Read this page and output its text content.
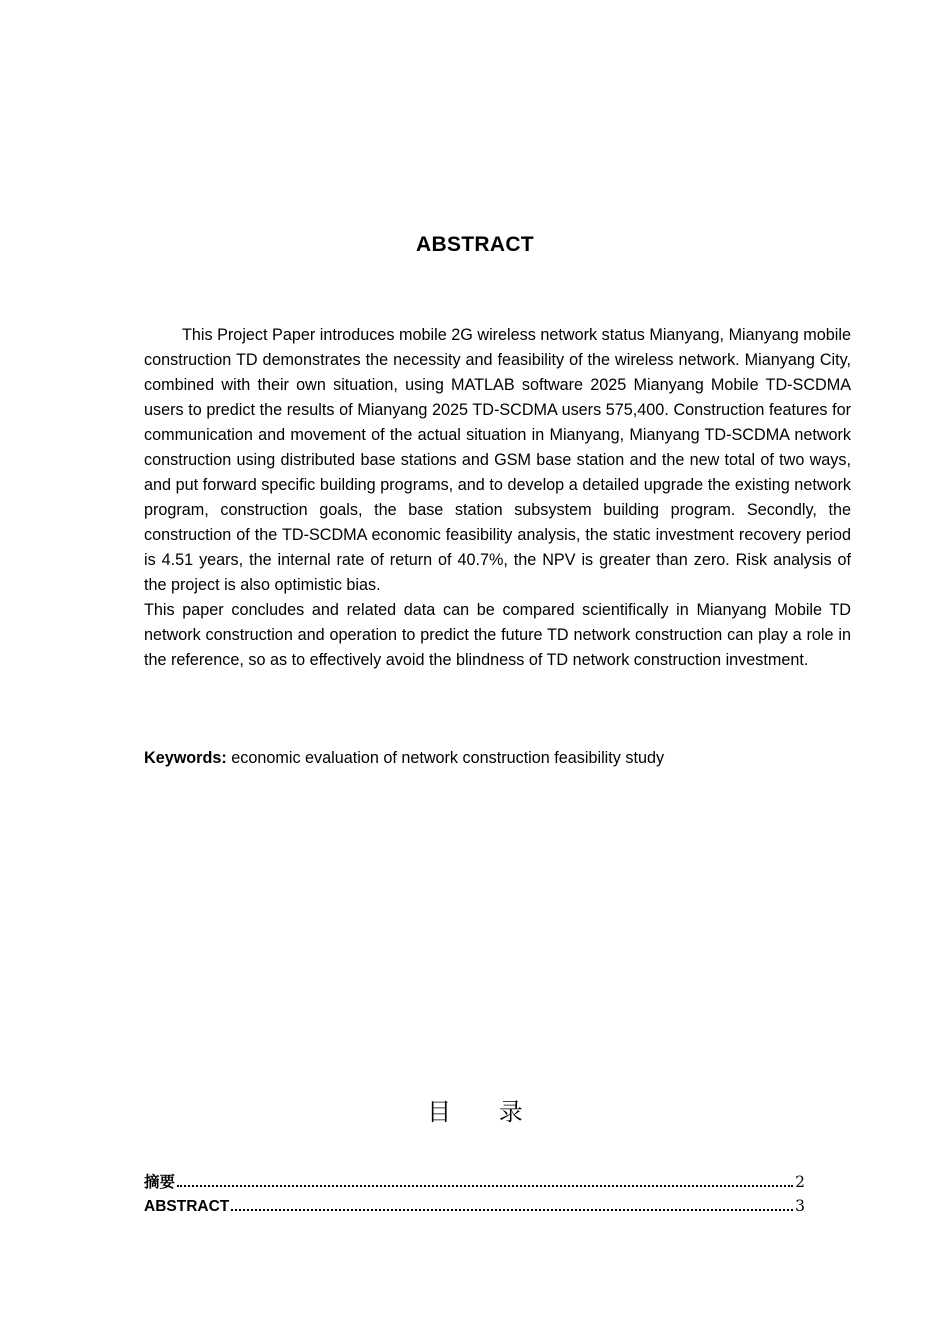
ABSTRACT

This Project Paper introduces mobile 2G wireless network status Mianyang, Mianyang mobile construction TD demonstrates the necessity and feasibility of the wireless network. Mianyang City, combined with their own situation, using MATLAB software 2025 Mianyang Mobile TD-SCDMA users to predict the results of Mianyang 2025 TD-SCDMA users 575,400. Construction features for communication and movement of the actual situation in Mianyang, Mianyang TD-SCDMA network construction using distributed base stations and GSM base station and the new total of two ways, and put forward specific building programs, and to develop a detailed upgrade the existing network program, construction goals, the base station subsystem building program. Secondly, the construction of the TD-SCDMA economic feasibility analysis, the static investment recovery period is 4.51 years, the internal rate of return of 40.7%, the NPV is greater than zero. Risk analysis of the project is also optimistic bias.

This paper concludes and related data can be compared scientifically in Mianyang Mobile TD network construction and operation to predict the future TD network construction can play a role in the reference, so as to effectively avoid the blindness of TD network construction investment.

Keywords: economic evaluation of network construction feasibility study
目 录
摘要	2
ABSTRACT	3
